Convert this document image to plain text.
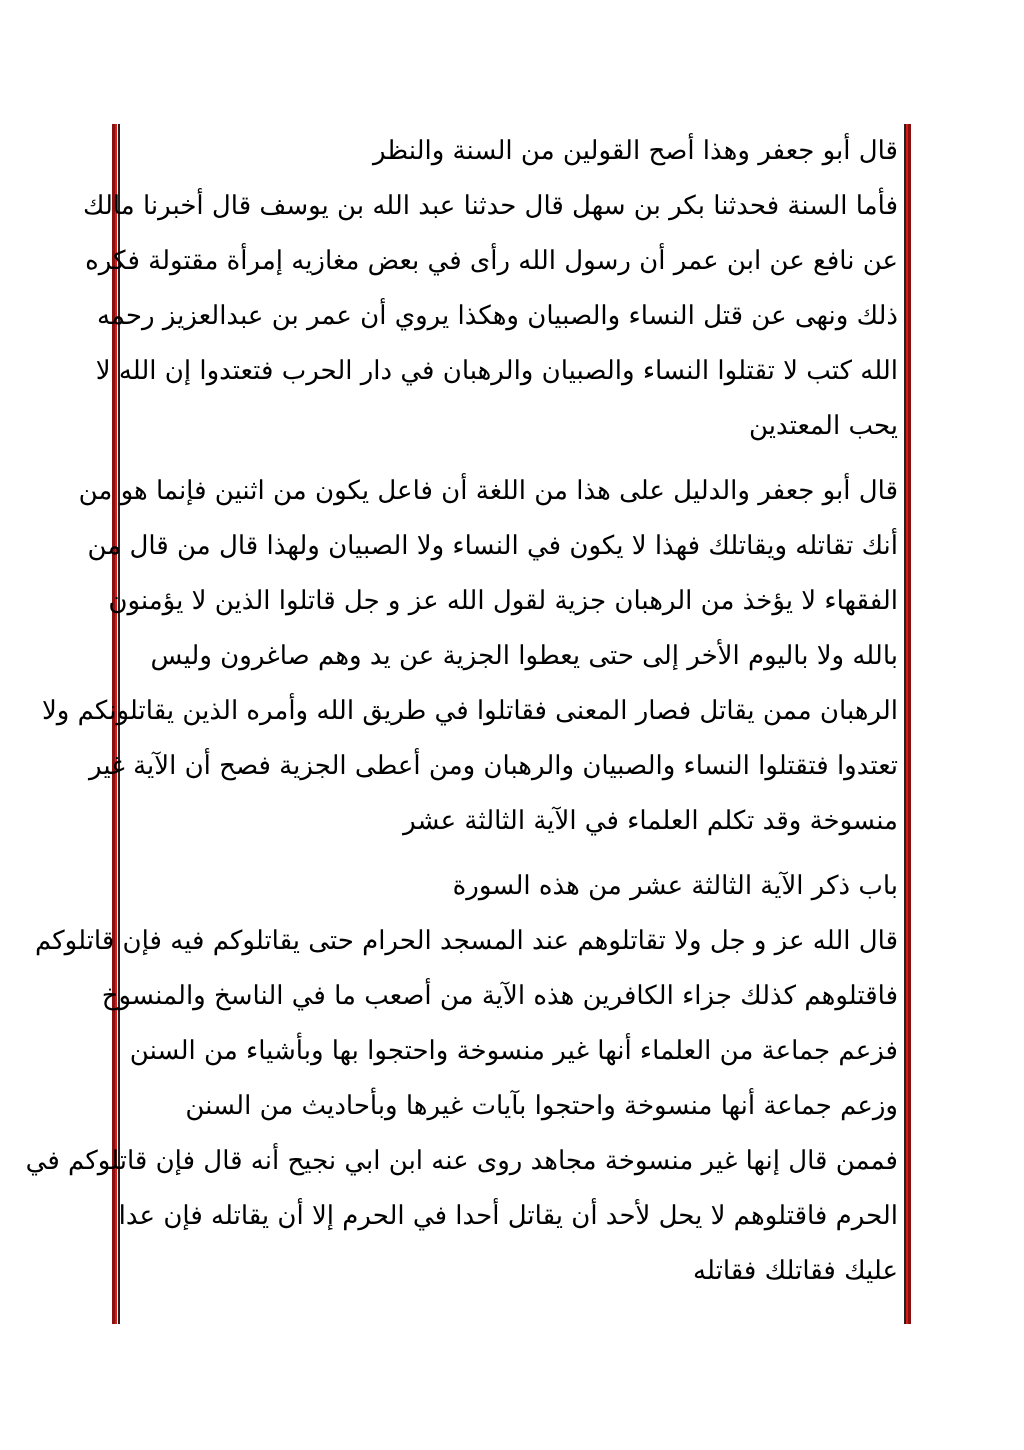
قال أبو جعفر وهذا أصح القولين من السنة والنظر
فأما السنة فحدثنا بكر بن سهل قال حدثنا عبد الله بن يوسف قال أخبرنا مالك
عن نافع عن ابن عمر أن رسول الله رأى في بعض مغازيه إمرأة مقتولة فكره
ذلك ونهى عن قتل النساء والصبيان وهكذا يروي أن عمر بن عبدالعزيز رحمه
الله كتب لا تقتلوا النساء والصبيان والرهبان في دار الحرب فتعتدوا إن الله لا
يحب المعتدين
قال أبو جعفر والدليل على هذا من اللغة أن فاعل يكون من اثنين فإنما هو من
أنك تقاتله ويقاتلك فهذا لا يكون في النساء ولا الصبيان ولهذا قال من قال من
الفقهاء لا يؤخذ من الرهبان جزية لقول الله عز و جل قاتلوا الذين لا يؤمنون
بالله ولا باليوم الأخر إلى حتى يعطوا الجزية عن يد وهم صاغرون وليس
الرهبان ممن يقاتل فصار المعنى فقاتلوا في طريق الله وأمره الذين يقاتلونكم ولا
تعتدوا فتقتلوا النساء والصبيان والرهبان ومن أعطى الجزية فصح أن الآية غير
منسوخة وقد تكلم العلماء في الآية الثالثة عشر
باب ذكر الآية الثالثة عشر من هذه السورة
قال الله عز و جل ولا تقاتلوهم عند المسجد الحرام حتى يقاتلوكم فيه فإن قاتلوكم
فاقتلوهم كذلك جزاء الكافرين هذه الآية من أصعب ما في الناسخ والمنسوخ
فزعم جماعة من العلماء أنها غير منسوخة واحتجوا بها وبأشياء من السنن
وزعم جماعة أنها منسوخة واحتجوا بآيات غيرها وبأحاديث من السنن
فممن قال إنها غير منسوخة مجاهد روى عنه ابن ابي نجيح أنه قال فإن قاتلوكم في
الحرم فاقتلوهم لا يحل لأحد أن يقاتل أحدا في الحرم إلا أن يقاتله فإن عدا
عليك فقاتلك فقاتله
